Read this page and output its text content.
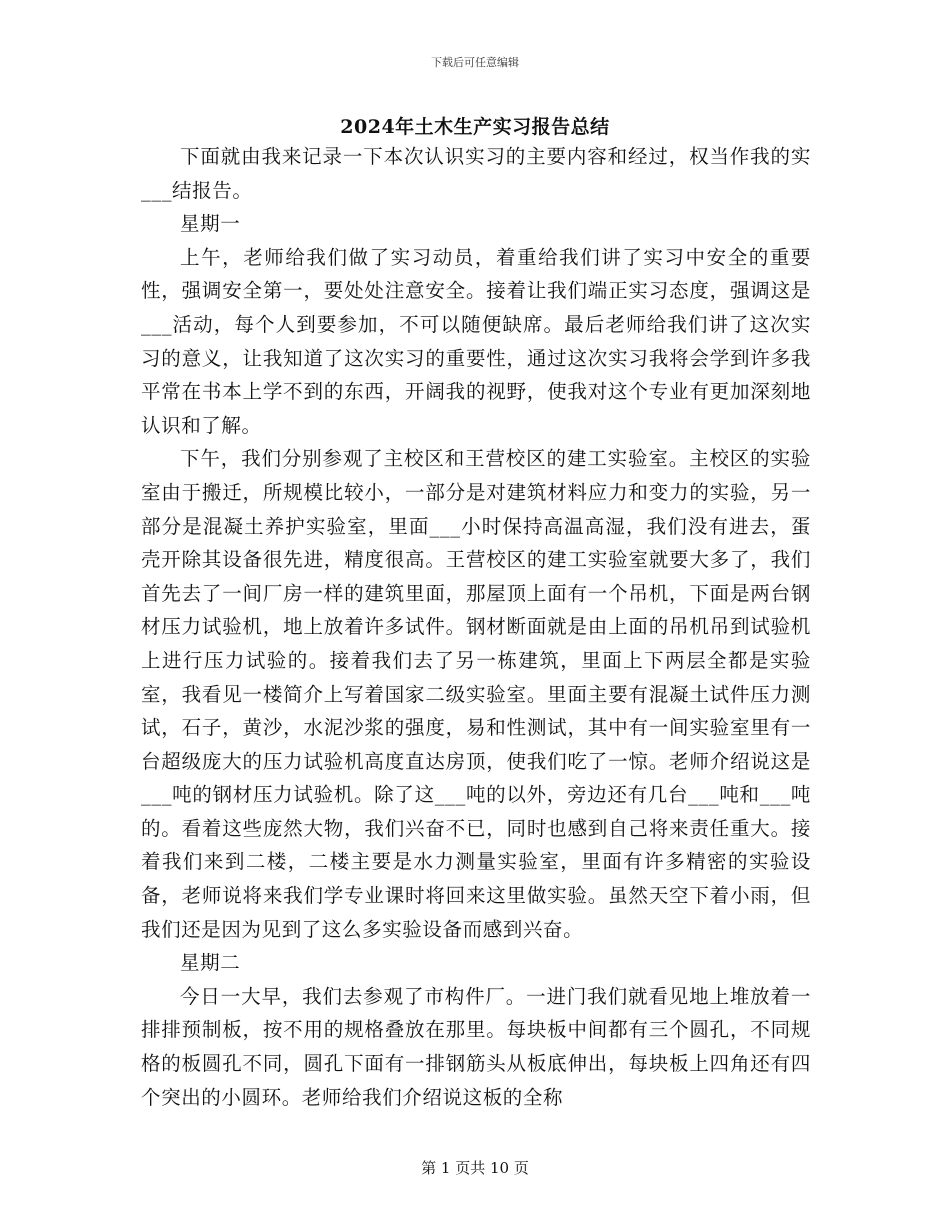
下载后可任意编辑
2024年土木生产实习报告总结

下面就由我来记录一下本次认识实习的主要内容和经过，权当作我的实___结报告。

星期一

上午，老师给我们做了实习动员，着重给我们讲了实习中安全的重要性，强调安全第一，要处处注意安全。接着让我们端正实习态度，强调这是___活动，每个人到要参加，不可以随便缺席。最后老师给我们讲了这次实习的意义，让我知道了这次实习的重要性，通过这次实习我将会学到许多我平常在书本上学不到的东西，开阔我的视野，使我对这个专业有更加深刻地认识和了解。

下午，我们分别参观了主校区和王营校区的建工实验室。主校区的实验室由于搬迁，所规模比较小，一部分是对建筑材料应力和变力的实验，另一部分是混凝土养护实验室，里面___小时保持高温高湿，我们没有进去，蛋壳开除其设备很先进，精度很高。王营校区的建工实验室就要大多了，我们首先去了一间厂房一样的建筑里面，那屋顶上面有一个吊机，下面是两台钢材压力试验机，地上放着许多试件。钢材断面就是由上面的吊机吊到试验机上进行压力试验的。接着我们去了另一栋建筑，里面上下两层全都是实验室，我看见一楼简介上写着国家二级实验室。里面主要有混凝土试件压力测试，石子，黄沙，水泥沙浆的强度，易和性测试，其中有一间实验室里有一台超级庞大的压力试验机高度直达房顶，使我们吃了一惊。老师介绍说这是___吨的钢材压力试验机。除了这___吨的以外，旁边还有几台___吨和___吨的。看着这些庞然大物，我们兴奋不已，同时也感到自己将来责任重大。接着我们来到二楼，二楼主要是水力测量实验室，里面有许多精密的实验设备，老师说将来我们学专业课时将回来这里做实验。虽然天空下着小雨，但我们还是因为见到了这么多实验设备而感到兴奋。

星期二

今日一大早，我们去参观了市构件厂。一进门我们就看见地上堆放着一排排预制板，按不用的规格叠放在那里。每块板中间都有三个圆孔，不同规格的板圆孔不同，圆孔下面有一排钢筋头从板底伸出，每块板上四角还有四个突出的小圆环。老师给我们介绍说这板的全称

第 1 页共 10 页
